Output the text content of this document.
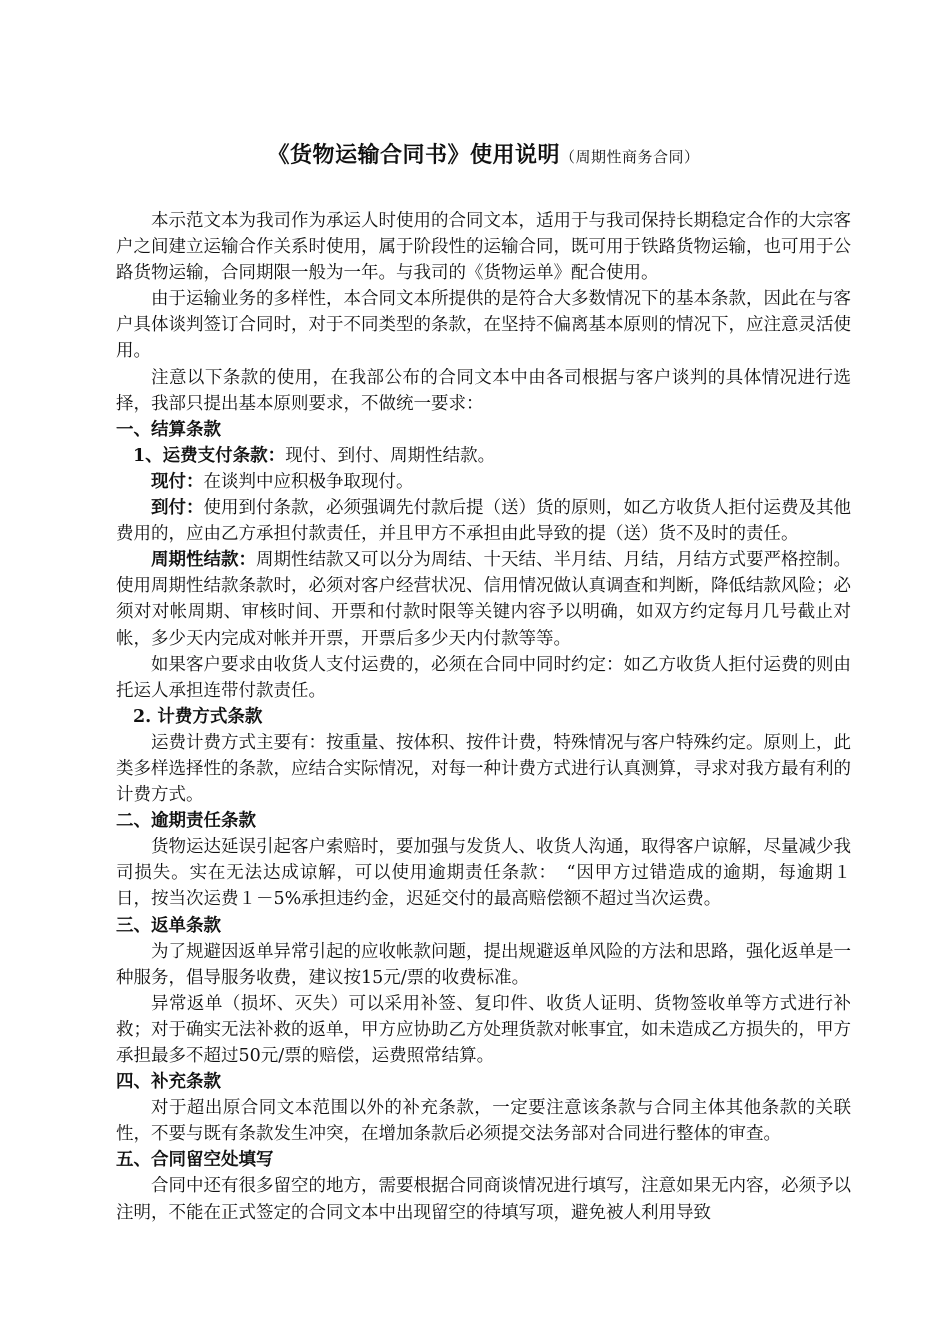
《货物运输合同书》使用说明（周期性商务合同）

本示范文本为我司作为承运人时使用的合同文本，适用于与我司保持长期稳定合作的大宗客户之间建立运输合作关系时使用，属于阶段性的运输合同，既可用于铁路货物运输，也可用于公路货物运输，合同期限一般为一年。与我司的《货物运单》配合使用。

由于运输业务的多样性，本合同文本所提供的是符合大多数情况下的基本条款，因此在与客户具体谈判签订合同时，对于不同类型的条款，在坚持不偏离基本原则的情况下，应注意灵活使用。

注意以下条款的使用，在我部公布的合同文本中由各司根据与客户谈判的具体情况进行选择，我部只提出基本原则要求，不做统一要求：

一、结算条款

1、运费支付条款：现付、到付、周期性结款。

现付：在谈判中应积极争取现付。

到付：使用到付条款，必须强调先付款后提（送）货的原则，如乙方收货人拒付运费及其他费用的，应由乙方承担付款责任，并且甲方不承担由此导致的提（送）货不及时的责任。

周期性结款：周期性结款又可以分为周结、十天结、半月结、月结，月结方式要严格控制。使用周期性结款条款时，必须对客户经营状况、信用情况做认真调查和判断，降低结款风险；必须对对帐周期、审核时间、开票和付款时限等关键内容予以明确，如双方约定每月几号截止对帐，多少天内完成对帐并开票，开票后多少天内付款等等。

如果客户要求由收货人支付运费的，必须在合同中同时约定：如乙方收货人拒付运费的则由托运人承担连带付款责任。

2. 计费方式条款

运费计费方式主要有：按重量、按体积、按件计费，特殊情况与客户特殊约定。原则上，此类多样选择性的条款，应结合实际情况，对每一种计费方式进行认真测算，寻求对我方最有利的计费方式。

二、逾期责任条款

货物运达延误引起客户索赔时，要加强与发货人、收货人沟通，取得客户谅解，尽量减少我司损失。实在无法达成谅解，可以使用逾期责任条款：　“因甲方过错造成的逾期，每逾期１日，按当次运费１－5%承担违约金，迟延交付的最高赔偿额不超过当次运费。

三、返单条款

为了规避因返单异常引起的应收帐款问题，提出规避返单风险的方法和思路，强化返单是一种服务，倡导服务收费，建议按15元/票的收费标准。

异常返单（损坏、灭失）可以采用补签、复印件、收货人证明、货物签收单等方式进行补救；对于确实无法补救的返单，甲方应协助乙方处理货款对帐事宜，如未造成乙方损失的，甲方承担最多不超过50元/票的赔偿，运费照常结算。

四、补充条款

对于超出原合同文本范围以外的补充条款，一定要注意该条款与合同主体其他条款的关联性，不要与既有条款发生冲突，在增加条款后必须提交法务部对合同进行整体的审查。

五、合同留空处填写

合同中还有很多留空的地方，需要根据合同商谈情况进行填写，注意如果无内容，必须予以注明，不能在正式签定的合同文本中出现留空的待填写项，避免被人利用导致
